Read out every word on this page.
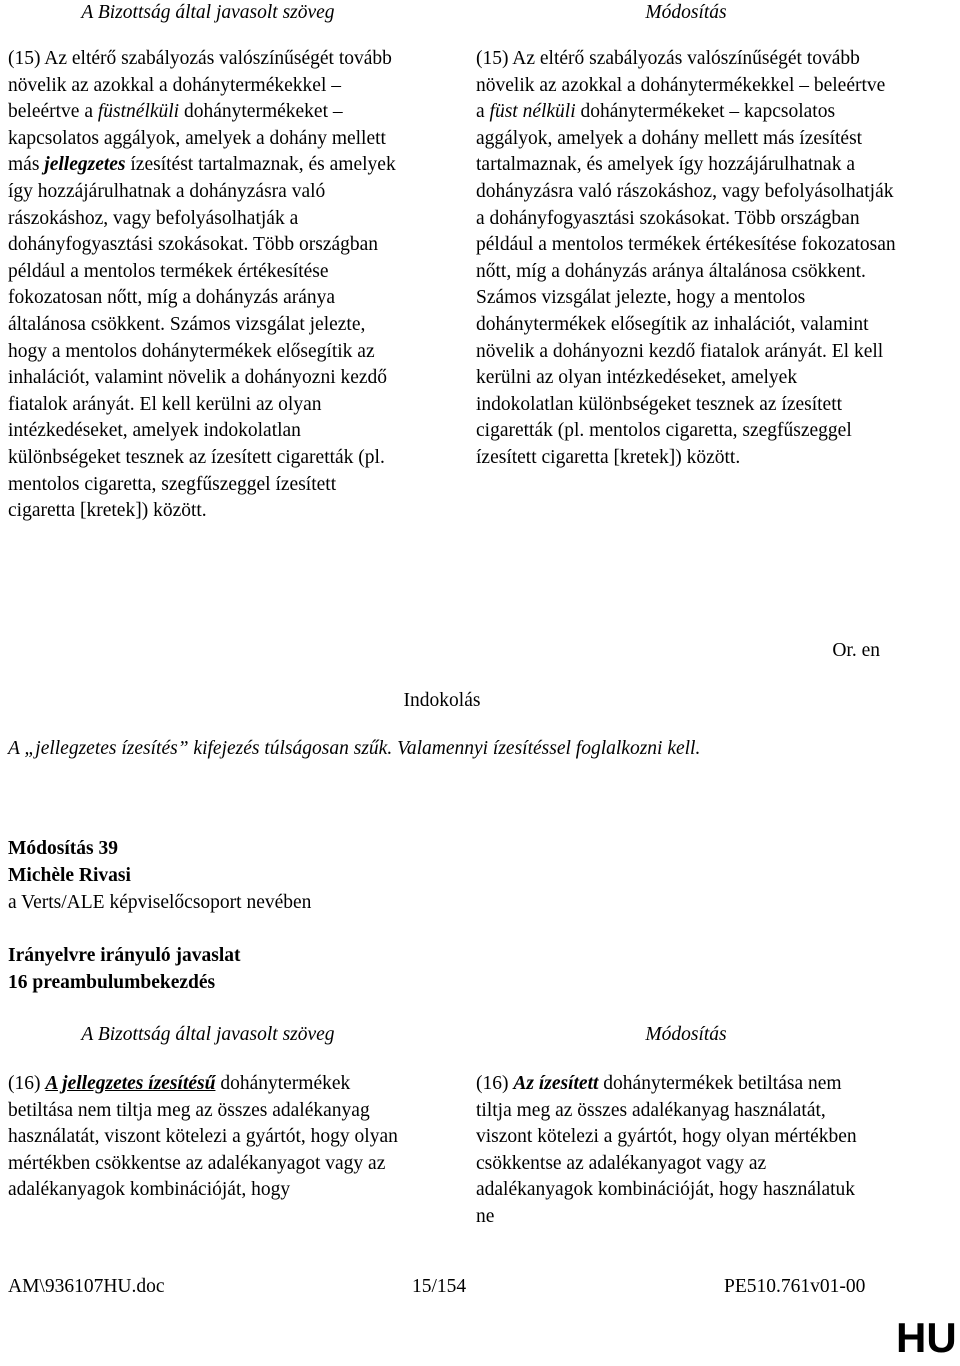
A Bizottság által javasolt szöveg	Módosítás

(15) Az eltérő szabályozás valószínűségét tovább növelik az azokkal a dohánytermékekkel – beleértve a füstnélküli dohánytermékeket – kapcsolatos aggályok, amelyek a dohány mellett más jellegzetes ízesítést tartalmaznak, és amelyek így hozzájárulhatnak a dohányzásra való rászokáshoz, vagy befolyásolhatják a dohányfogyasztási szokásokat. Több országban például a mentolos termékek értékesítése fokozatosan nőtt, míg a dohányzás aránya általánosa csökkent. Számos vizsgálat jelezte, hogy a mentolos dohánytermékek elősegítik az inhalációt, valamint növelik a dohányozni kezdő fiatalok arányát. El kell kerülni az olyan intézkedéseket, amelyek indokolatlan különbségeket tesznek az ízesített cigaretták (pl. mentolos cigaretta, szegfűszeggel ízesített cigaretta [kretek]) között.

(15) Az eltérő szabályozás valószínűségét tovább növelik az azokkal a dohánytermékekkel – beleértve a füst nélküli dohánytermékeket – kapcsolatos aggályok, amelyek a dohány mellett más ízesítést tartalmaznak, és amelyek így hozzájárulhatnak a dohányzásra való rászokáshoz, vagy befolyásolhatják a dohányfogyasztási szokásokat. Több országban például a mentolos termékek értékesítése fokozatosan nőtt, míg a dohányzás aránya általánosa csökkent. Számos vizsgálat jelezte, hogy a mentolos dohánytermékek elősegítik az inhalációt, valamint növelik a dohányozni kezdő fiatalok arányát. El kell kerülni az olyan intézkedéseket, amelyek indokolatlan különbségeket tesznek az ízesített cigaretták (pl. mentolos cigaretta, szegfűszeggel ízesített cigaretta [kretek]) között.

Or. en
Indokolás
A „jellegzetes ízesítés” kifejezés túlságosan szűk. Valamennyi ízesítéssel foglalkozni kell.
Módosítás 39
Michèle Rivasi
a Verts/ALE képviselőcsoport nevében
Irányelvre irányuló javaslat
16 preambulumbekezdés
A Bizottság által javasolt szöveg	Módosítás

(16) A jellegzetes ízesítésű dohánytermékek betiltása nem tiltja meg az összes adalékanyag használatát, viszont kötelezi a gyártót, hogy olyan mértékben csökkentse az adalékanyagot vagy az adalékanyagok kombinációját, hogy

(16) Az ízesített dohánytermékek betiltása nem tiltja meg az összes adalékanyag használatát, viszont kötelezi a gyártót, hogy olyan mértékben csökkentse az adalékanyagot vagy az adalékanyagok kombinációját, hogy használatuk ne

AM\936107HU.doc	15/154	PE510.761v01-00
HU
